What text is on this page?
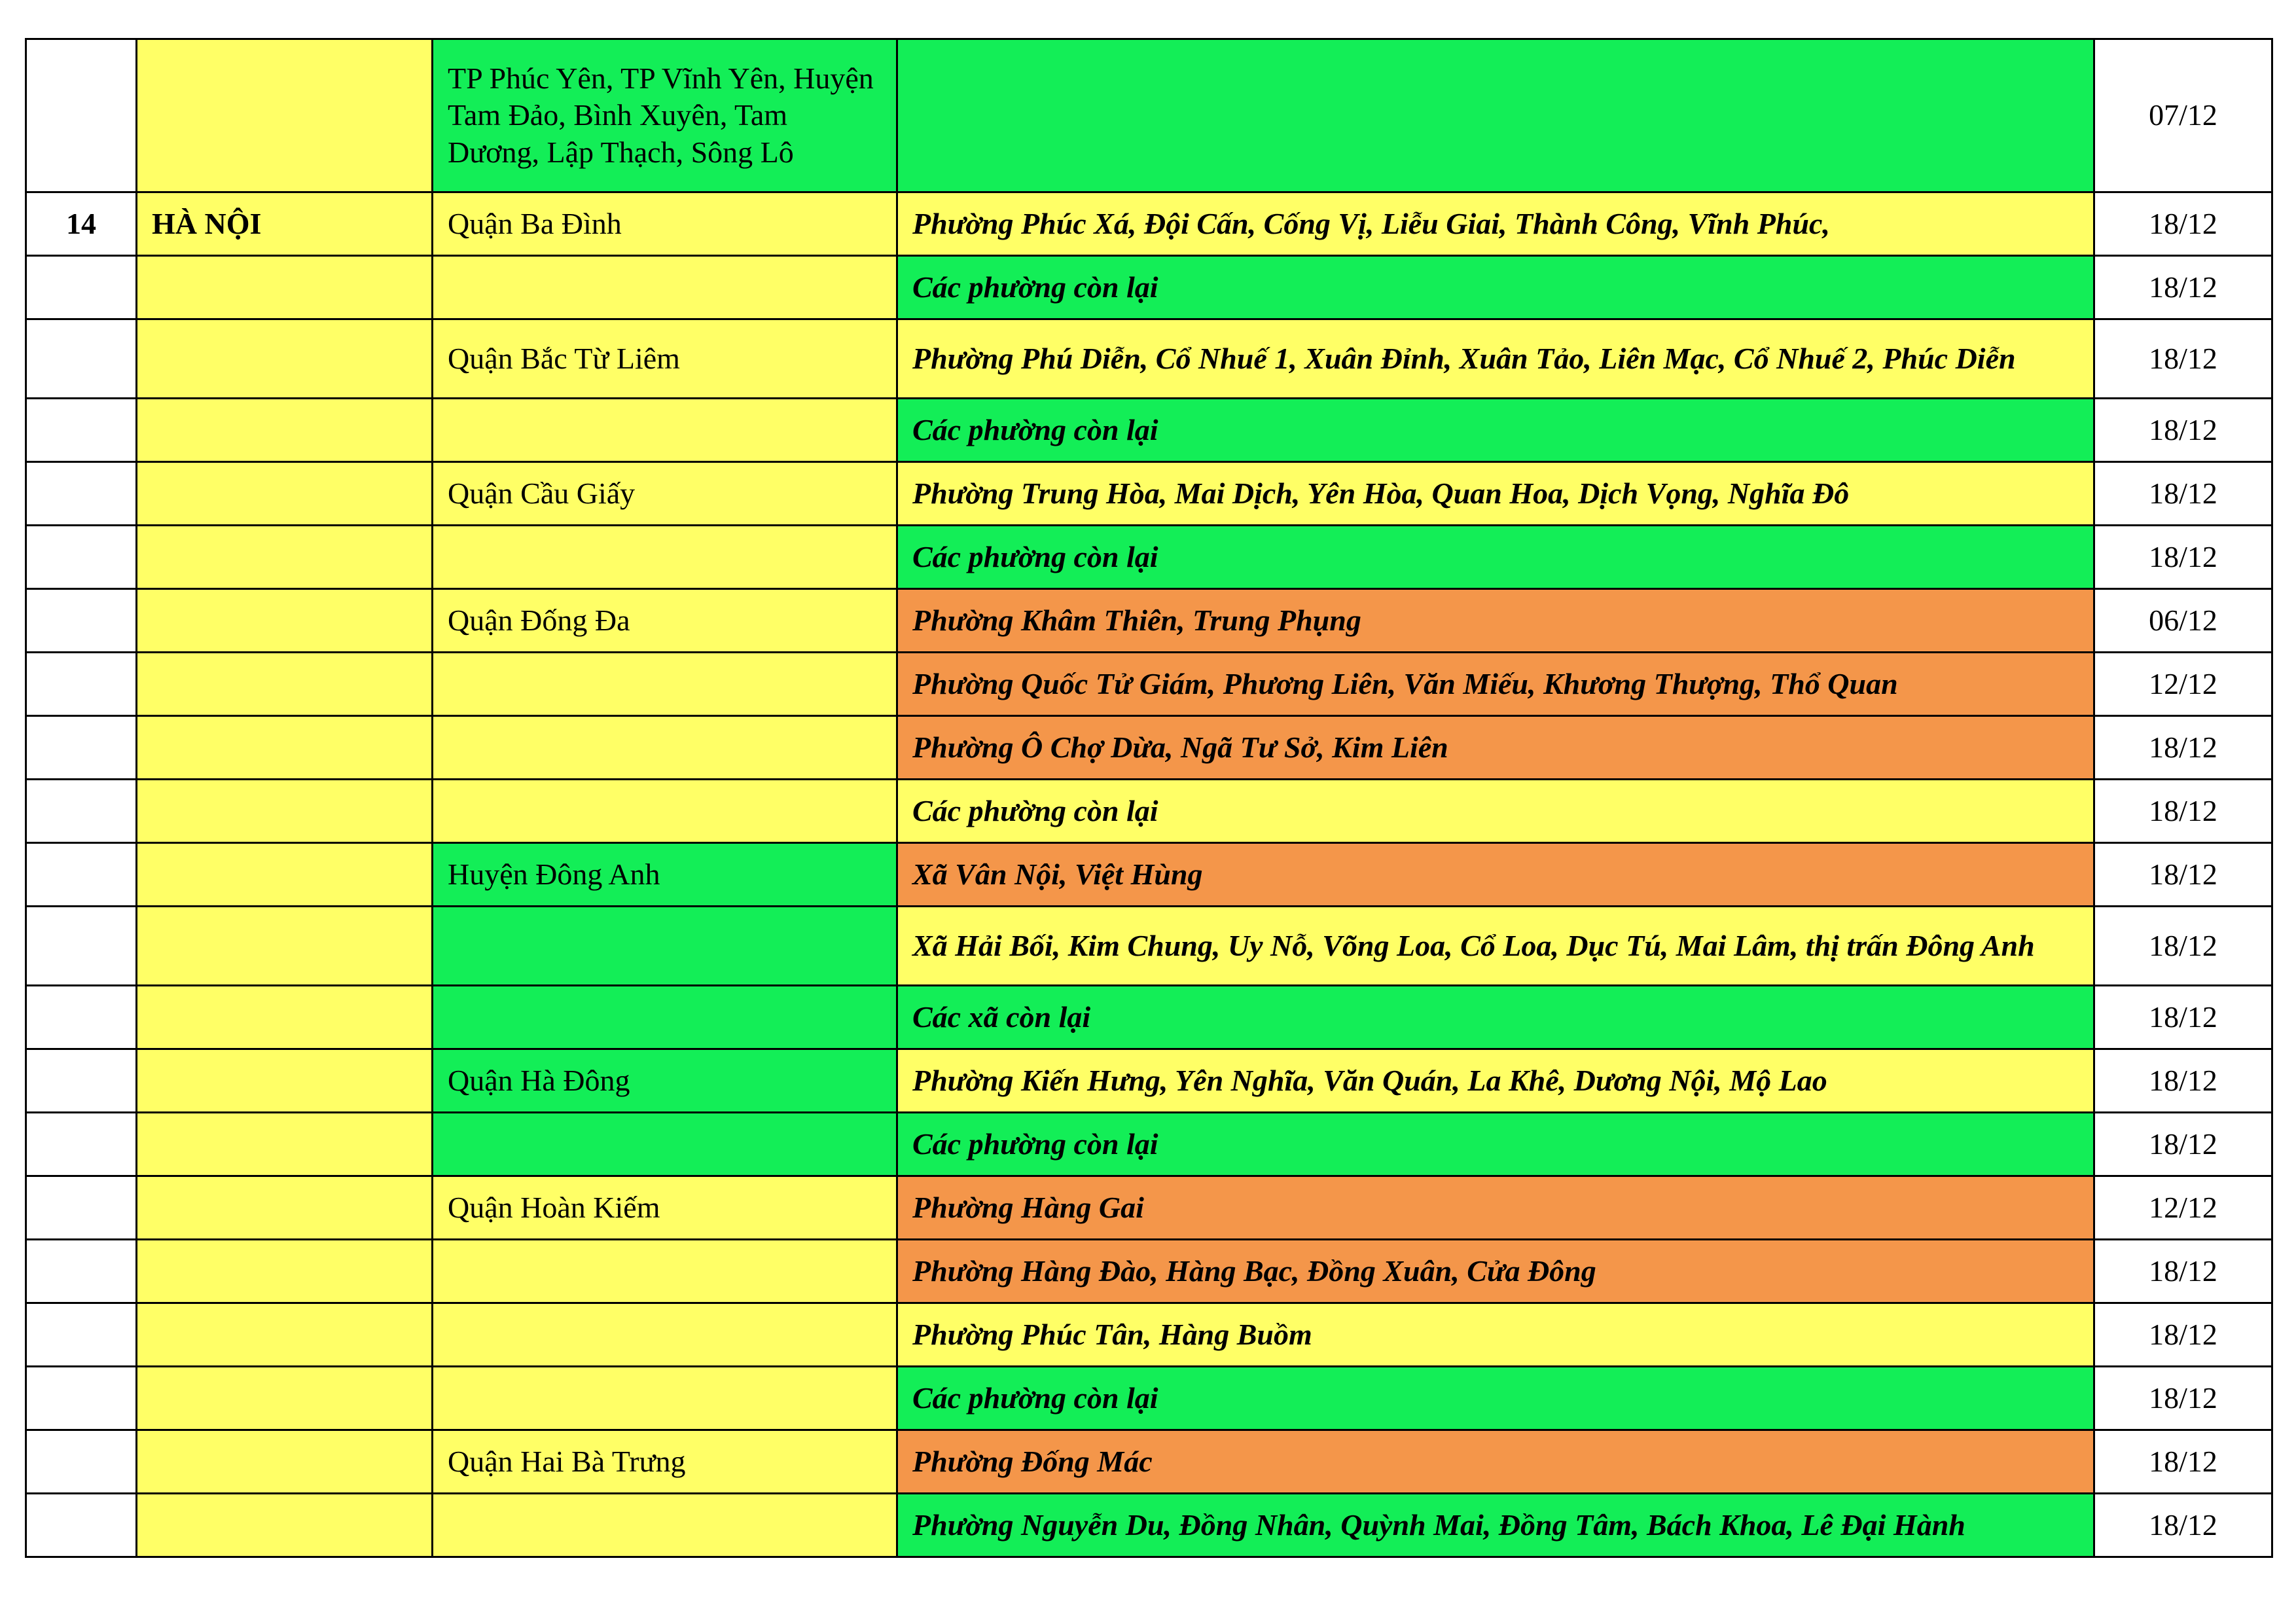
		TP Phúc Yên, TP Vĩnh Yên, Huyện Tam Đảo, Bình Xuyên, Tam Dương, Lập Thạch, Sông Lô		07/12
14	HÀ NỘI	Quận Ba Đình	Phường Phúc Xá, Đội Cấn, Cống Vị, Liễu Giai, Thành Công, Vĩnh Phúc,	18/12
			Các phường còn lại	18/12
		Quận Bắc Từ Liêm	Phường Phú Diễn, Cổ Nhuế 1, Xuân Đỉnh, Xuân Tảo, Liên Mạc, Cổ Nhuế 2, Phúc Diễn	18/12
			Các phường còn lại	18/12
		Quận Cầu Giấy	Phường Trung Hòa, Mai Dịch, Yên Hòa, Quan Hoa, Dịch Vọng, Nghĩa Đô	18/12
			Các phường còn lại	18/12
		Quận Đống Đa	Phường Khâm Thiên, Trung Phụng	06/12
			Phường Quốc Tử Giám, Phương Liên, Văn Miếu, Khương Thượng, Thổ Quan	12/12
			Phường Ô Chợ Dừa, Ngã Tư Sở, Kim Liên	18/12
			Các phường còn lại	18/12
		Huyện Đông Anh	Xã Vân Nội, Việt Hùng	18/12
			Xã Hải Bối, Kim Chung, Uy Nỗ, Võng Loa, Cổ Loa, Dục Tú, Mai Lâm, thị trấn Đông Anh	18/12
			Các xã còn lại	18/12
		Quận Hà Đông	Phường Kiến Hưng, Yên Nghĩa, Văn Quán, La Khê, Dương Nội, Mộ Lao	18/12
			Các phường còn lại	18/12
		Quận Hoàn Kiếm	Phường Hàng Gai	12/12
			Phường Hàng Đào, Hàng Bạc, Đồng Xuân, Cửa Đông	18/12
			Phường Phúc Tân, Hàng Buồm	18/12
			Các phường còn lại	18/12
		Quận Hai Bà Trưng	Phường Đống Mác	18/12
			Phường Nguyễn Du, Đồng Nhân, Quỳnh Mai, Đồng Tâm, Bách Khoa, Lê Đại Hành	18/12
